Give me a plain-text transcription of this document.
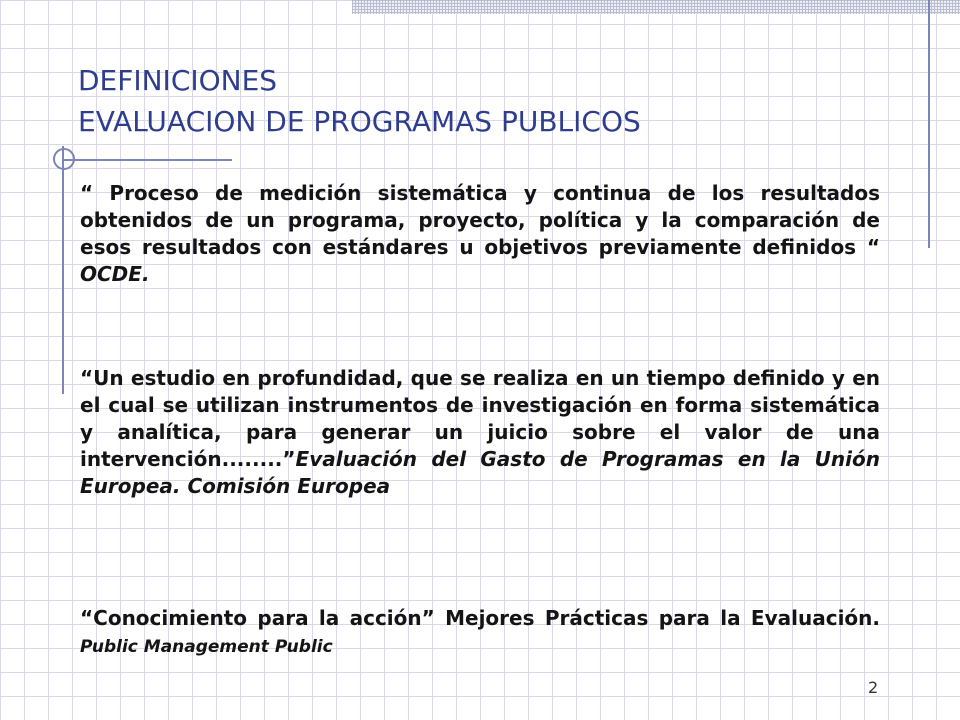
DEFINICIONES
EVALUACION DE PROGRAMAS PUBLICOS

“ Proceso de medición sistemática y continua de los resultados obtenidos de un programa, proyecto, política y la comparación de esos resultados con estándares u objetivos previamente definidos “ OCDE.

“Un estudio en profundidad, que se realiza en un tiempo definido y en el cual se utilizan instrumentos de investigación en forma sistemática y analítica, para generar un juicio sobre el valor de una intervención........”Evaluación del Gasto de Programas en la Unión Europea. Comisión Europea

“Conocimiento para la acción” Mejores Prácticas para la Evaluación. Public Management Public

2
